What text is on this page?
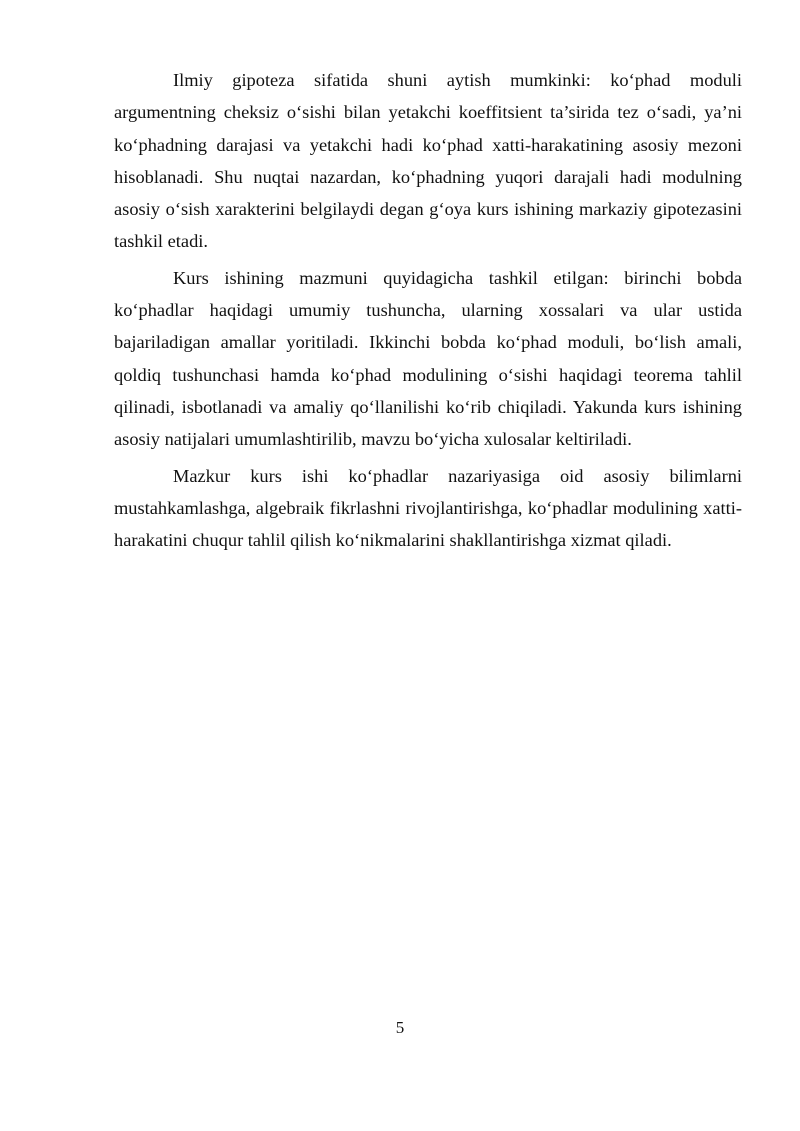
Ilmiy gipoteza sifatida shuni aytish mumkinki: ko‘phad moduli argumentning cheksiz o‘sishi bilan yetakchi koeffitsient ta’sirida tez o‘sadi, ya’ni ko‘phadning darajasi va yetakchi hadi ko‘phad xatti-harakatining asosiy mezoni hisoblanadi. Shu nuqtai nazardan, ko‘phadning yuqori darajali hadi modulning asosiy o‘sish xarakterini belgilaydi degan g‘oya kurs ishining markaziy gipotezasini tashkil etadi.

Kurs ishining mazmuni quyidagicha tashkil etilgan: birinchi bobda ko‘phadlar haqidagi umumiy tushuncha, ularning xossalari va ular ustida bajariladigan amallar yoritiladi. Ikkinchi bobda ko‘phad moduli, bo‘lish amali, qoldiq tushunchasi hamda ko‘phad modulining o‘sishi haqidagi teorema tahlil qilinadi, isbotlanadi va amaliy qo‘llanilishi ko‘rib chiqiladi. Yakunda kurs ishining asosiy natijalari umumlashtirilib, mavzu bo‘yicha xulosalar keltiriladi.

Mazkur kurs ishi ko‘phadlar nazariyasiga oid asosiy bilimlarni mustahkamlashga, algebraik fikrlashni rivojlantirishga, ko‘phadlar modulining xatti-harakatini chuqur tahlil qilish ko‘nikmalarini shakllantirishga xizmat qiladi.

5
